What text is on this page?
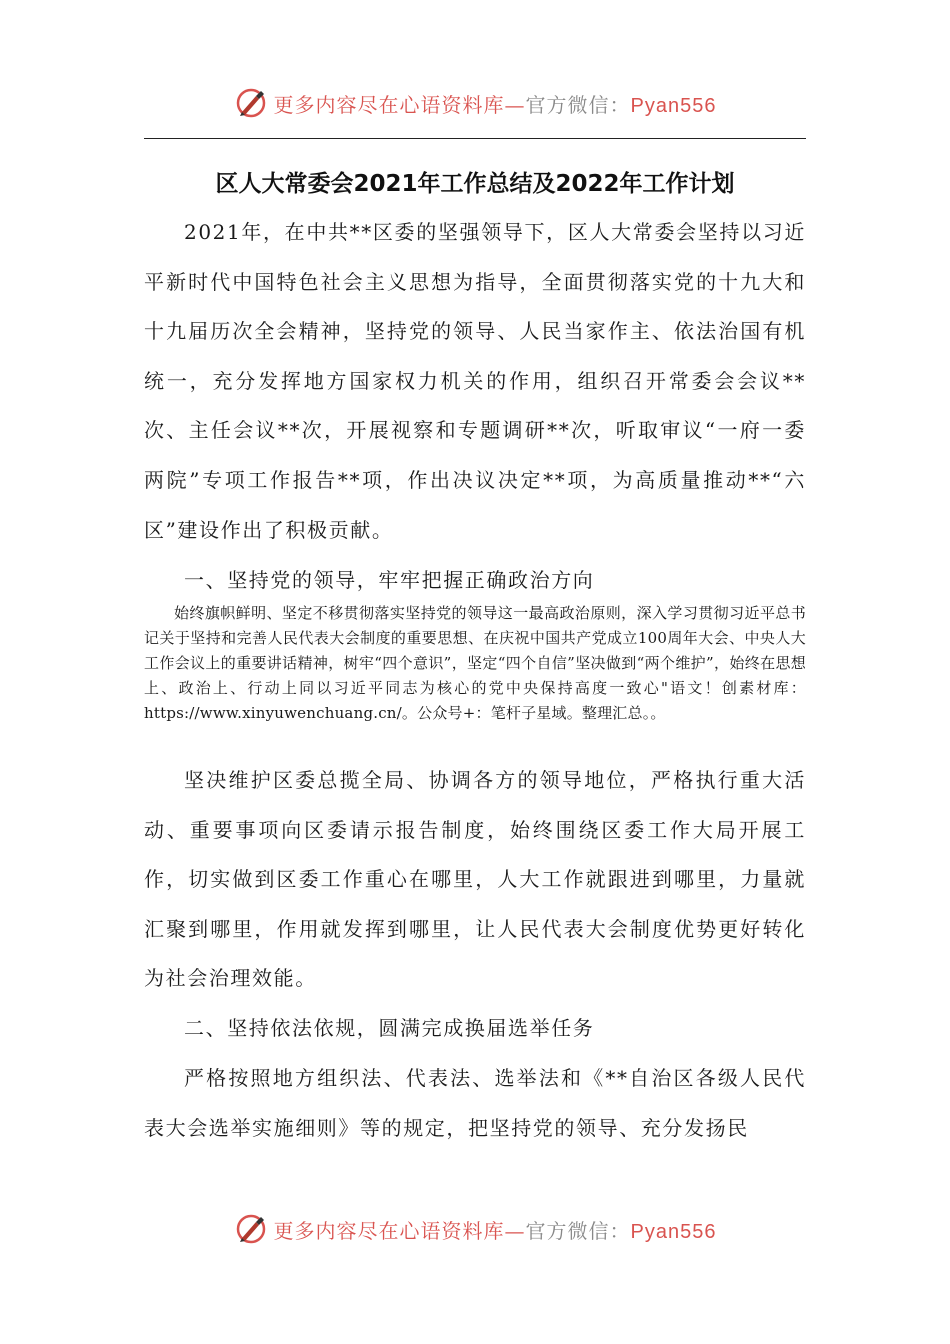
更多内容尽在心语资料库—官方微信：Pyan556
区人大常委会2021年工作总结及2022年工作计划

2021年，在中共**区委的坚强领导下，区人大常委会坚持以习近平新时代中国特色社会主义思想为指导，全面贯彻落实党的十九大和十九届历次全会精神，坚持党的领导、人民当家作主、依法治国有机统一，充分发挥地方国家权力机关的作用，组织召开常委会会议**次、主任会议**次，开展视察和专题调研**次，听取审议“一府一委两院”专项工作报告**项，作出决议决定**项，为高质量推动**“六区”建设作出了积极贡献。

一、坚持党的领导，牢牢把握正确政治方向

始终旗帜鲜明、坚定不移贯彻落实坚持党的领导这一最高政治原则，深入学习贯彻习近平总书记关于坚持和完善人民代表大会制度的重要思想、在庆祝中国共产党成立100周年大会、中央人大工作会议上的重要讲话精神，树牢“四个意识”，坚定“四个自信”坚决做到“两个维护”，始终在思想上、政治上、行动上同以习近平同志为核心的党中央保持高度一致心"语文！创素材库：https://www.xinyuwenchuang.cn/。公众号+：笔杆子星域。整理汇总。。

坚决维护区委总揽全局、协调各方的领导地位，严格执行重大活动、重要事项向区委请示报告制度，始终围绕区委工作大局开展工作，切实做到区委工作重心在哪里，人大工作就跟进到哪里，力量就汇聚到哪里，作用就发挥到哪里，让人民代表大会制度优势更好转化为社会治理效能。

二、坚持依法依规，圆满完成换届选举任务

严格按照地方组织法、代表法、选举法和《**自治区各级人民代表大会选举实施细则》等的规定，把坚持党的领导、充分发扬民

更多内容尽在心语资料库—官方微信：Pyan556
